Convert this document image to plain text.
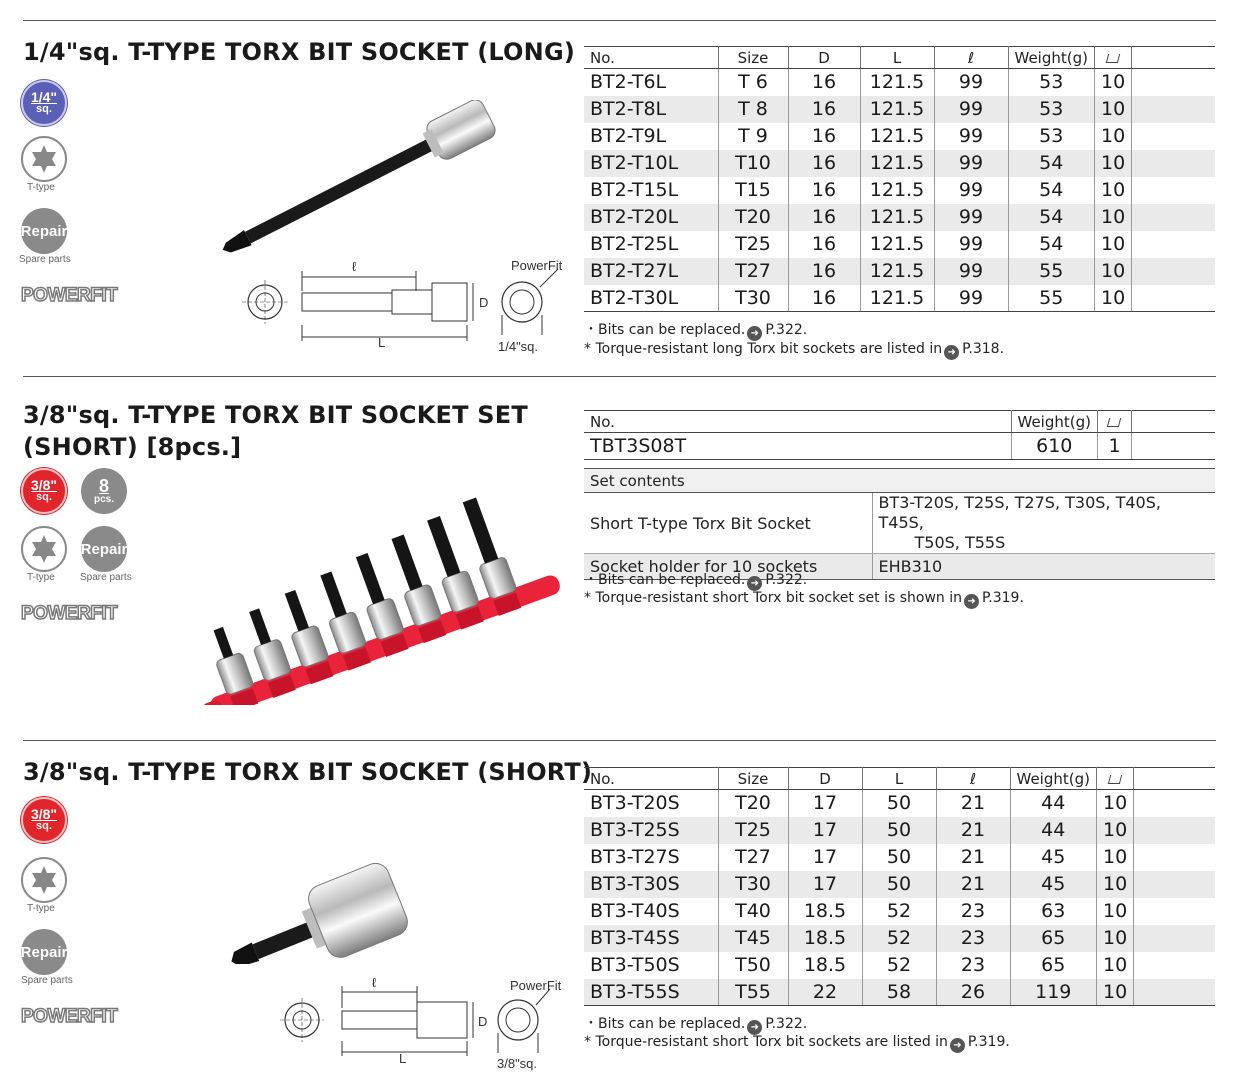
1/4"sq. T-TYPE TORX BIT SOCKET (LONG)
1/4"
sq.
T-type
Repair
Spare parts
POWERFIT
ℓ
L
D
PowerFit
1/4"sq.
No.	Size	D	L	ℓ	Weight(g)		
BT2-T6L	T 6	16	121.5	99	53	10	
BT2-T8L	T 8	16	121.5	99	53	10	
BT2-T9L	T 9	16	121.5	99	53	10	
BT2-T10L	T10	16	121.5	99	54	10	
BT2-T15L	T15	16	121.5	99	54	10	
BT2-T20L	T20	16	121.5	99	54	10	
BT2-T25L	T25	16	121.5	99	54	10	
BT2-T27L	T27	16	121.5	99	55	10	
BT2-T30L	T30	16	121.5	99	55	10	
・Bits can be replaced. ➜ P.322.
* Torque-resistant long Torx bit sockets are listed in ➜ P.318.
3/8"sq. T-TYPE TORX BIT SOCKET SET
(SHORT) [8pcs.]
3/8"
sq.
8
pcs.
T-type
Repair
Spare parts
POWERFIT
No.	Weight(g)		
TBT3S08T	610	1	
Set contents	
Short T-type Torx Bit Socket	BT3-T20S, T25S, T27S, T30S, T40S, T45S,
T50S, T55S
Socket holder for 10 sockets	EHB310
・Bits can be replaced. ➜ P.322.
* Torque-resistant short Torx bit socket set is shown in ➜ P.319.
3/8"sq. T-TYPE TORX BIT SOCKET (SHORT)
3/8"
sq.
T-type
Repair
Spare parts
POWERFIT
ℓ
L
D
PowerFit
3/8"sq.
No.	Size	D	L	ℓ	Weight(g)		
BT3-T20S	T20	17	50	21	44	10	
BT3-T25S	T25	17	50	21	44	10	
BT3-T27S	T27	17	50	21	45	10	
BT3-T30S	T30	17	50	21	45	10	
BT3-T40S	T40	18.5	52	23	63	10	
BT3-T45S	T45	18.5	52	23	65	10	
BT3-T50S	T50	18.5	52	23	65	10	
BT3-T55S	T55	22	58	26	119	10	
・Bits can be replaced. ➜ P.322.
* Torque-resistant short Torx bit sockets are listed in ➜ P.319.
